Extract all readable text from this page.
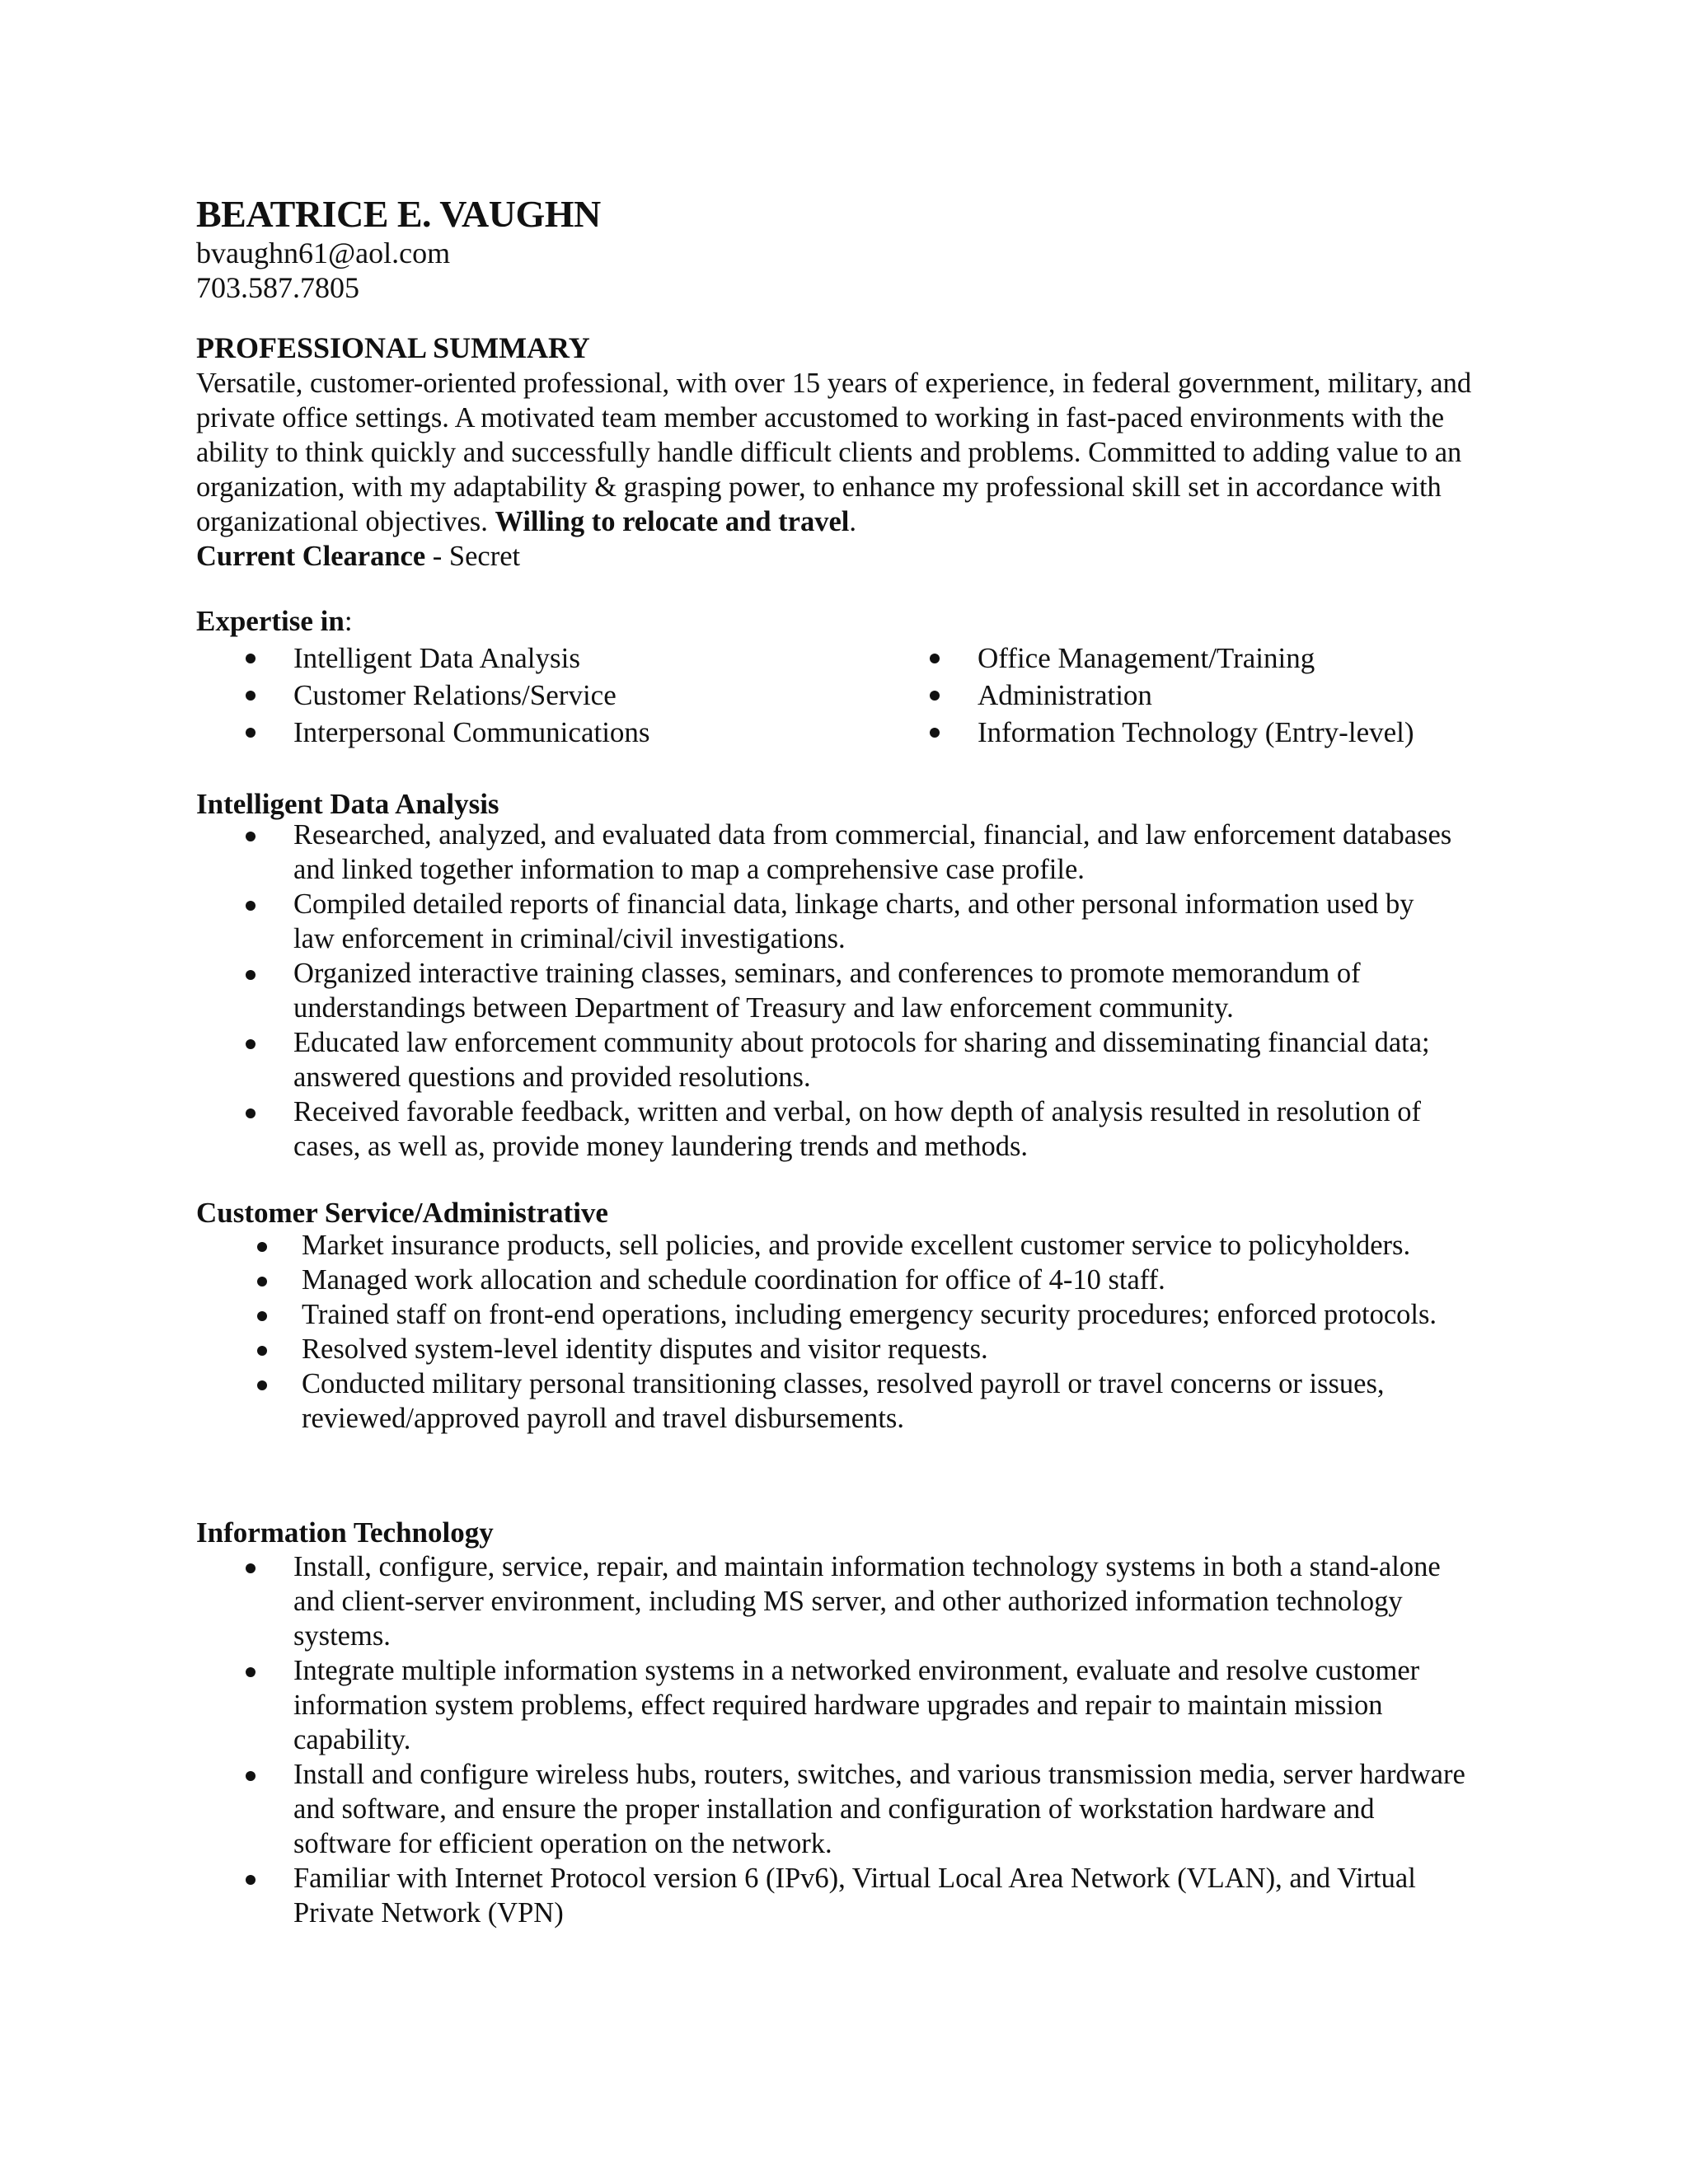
BEATRICE E. VAUGHN
bvaughn61@aol.com
703.587.7805
PROFESSIONAL SUMMARY

Versatile, customer-oriented professional, with over 15 years of experience, in federal government, military, and private office settings. A motivated team member accustomed to working in fast-paced environments with the ability to think quickly and successfully handle difficult clients and problems. Committed to adding value to an organization, with my adaptability & grasping power, to enhance my professional skill set in accordance with organizational objectives. Willing to relocate and travel.

Current Clearance - Secret

Expertise in:
Intelligent Data Analysis
Customer Relations/Service
Interpersonal Communications
Office Management/Training
Administration
Information Technology (Entry-level)
Intelligent Data Analysis
Researched, analyzed, and evaluated data from commercial, financial, and law enforcement databases and linked together information to map a comprehensive case profile.
Compiled detailed reports of financial data, linkage charts, and other personal information used by law enforcement in criminal/civil investigations.
Organized interactive training classes, seminars, and conferences to promote memorandum of understandings between Department of Treasury and law enforcement community.
Educated law enforcement community about protocols for sharing and disseminating financial data; answered questions and provided resolutions.
Received favorable feedback, written and verbal, on how depth of analysis resulted in resolution of cases, as well as, provide money laundering trends and methods.
Customer Service/Administrative
Market insurance products, sell policies, and provide excellent customer service to policyholders.
Managed work allocation and schedule coordination for office of 4-10 staff.
Trained staff on front-end operations, including emergency security procedures; enforced protocols.
Resolved system-level identity disputes and visitor requests.
Conducted military personal transitioning classes, resolved payroll or travel concerns or issues, reviewed/approved payroll and travel disbursements.
Information Technology
Install, configure, service, repair, and maintain information technology systems in both a stand-alone and client-server environment, including MS server, and other authorized information technology systems.
Integrate multiple information systems in a networked environment, evaluate and resolve customer information system problems, effect required hardware upgrades and repair to maintain mission capability.
Install and configure wireless hubs, routers, switches, and various transmission media, server hardware and software, and ensure the proper installation and configuration of workstation hardware and software for efficient operation on the network.
Familiar with Internet Protocol version 6 (IPv6), Virtual Local Area Network (VLAN), and Virtual Private Network (VPN)
